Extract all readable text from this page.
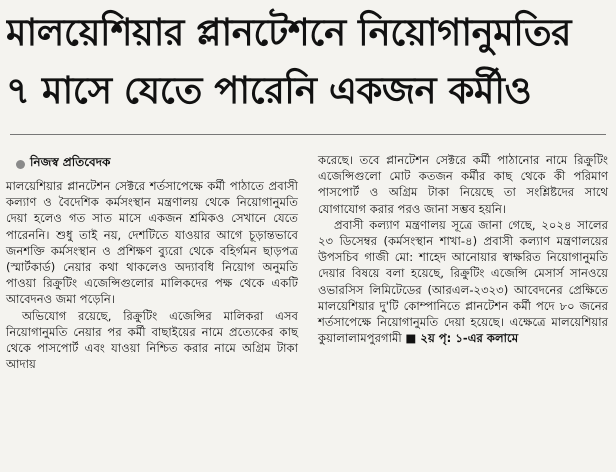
মালয়েশিয়ার প্লানটেশনে নিয়োগানুমতির
৭ মাসে যেতে পারেনি একজন কর্মীও
নিজস্ব প্রতিবেদক

মালয়েশিয়ার প্লানটেশন সেক্টরে শর্তসাপেক্ষে কর্মী পাঠাতে প্রবাসী কল্যাণ ও বৈদেশিক কর্মসংস্থান মন্ত্রণালয় থেকে নিয়োগানুমতি দেয়া হলেও গত সাত মাসে একজন শ্রমিকও সেখানে যেতে পারেননি। শুধু তাই নয়, দেশটিতে যাওয়ার আগে চূড়ান্তভাবে জনশক্তি কর্মসংস্থান ও প্রশিক্ষণ ব্যুরো থেকে বহির্গমন ছাড়পত্র (স্মার্টকার্ড) নেয়ার কথা থাকলেও অদ্যাবধি নিয়োগ অনুমতি পাওয়া রিক্রুটিং এজেন্সিগুলোর মালিকদের পক্ষ থেকে একটি আবেদনও জমা পড়েনি।

অভিযোগ রয়েছে, রিক্রুটিং এজেন্সির মালিকরা এসব নিয়োগানুমতি নেয়ার পর কর্মী বাছাইয়ের নামে প্রত্যেকের কাছ থেকে পাসপোর্ট এবং যাওয়া নিশ্চিত করার নামে অগ্রিম টাকা আদায়

করেছে। তবে প্লানটেশন সেক্টরে কর্মী পাঠানোর নামে রিক্রুটিং এজেন্সিগুলো মোট কতজন কর্মীর কাছ থেকে কী পরিমাণ পাসপোর্ট ও অগ্রিম টাকা নিয়েছে তা সংশ্লিষ্টদের সাথে যোগাযোগ করার পরও জানা সম্ভব হয়নি।

প্রবাসী কল্যাণ মন্ত্রণালয় সূত্রে জানা গেছে, ২০২৪ সালের ২৩ ডিসেম্বর (কর্মসংস্থান শাখা-৪) প্রবাসী কল্যাণ মন্ত্রণালয়ের উপসচিব গাজী মো: শাহেদ আনোয়ার স্বাক্ষরিত নিয়োগানুমতি দেয়ার বিষয়ে বলা হয়েছে, রিক্রুটিং এজেন্সি মেসার্স সানওয়ে ওভারসিস লিমিটেডের (আরএল-২৩২৩) আবেদনের প্রেক্ষিতে মালয়েশিয়ার দু'টি কোম্পানিতে প্লানটেশন কর্মী পদে ৮০ জনের শর্তসাপেক্ষে নিয়োগানুমতি দেয়া হয়েছে। এক্ষেত্রে মালয়েশিয়ার কুয়ালালামপুরগামী ■ ২য় পৃ: ১-এর কলামে
